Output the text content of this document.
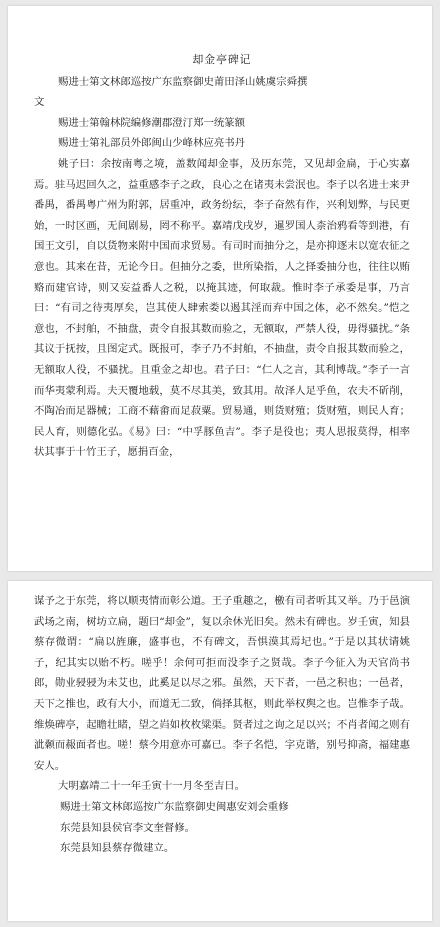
却金亭碑记
赐进士第文林郎巡按广东监察御史莆田泽山姚虞宗舜撰
文
赐进士第翰林院编修潮郡澄汀郑一统篆额
赐进士第礼部员外郎闽山少峰林应亮书丹

姚子曰：余按南粤之境，盖数闻却金事，及历东莞，又见却金扁，于心实嘉焉。驻马迟回久之，益重感李子之政，良心之在诸夷未尝泯也。李子以名进士来尹番禺，番禺粤广州为附郭，居重冲，政务纷纭，李子奋然有作，兴利划弊，与民更始，一时区画，无间剧易，罔不称平。嘉靖戊戌岁，暹罗国人柰治鸦看等到港，有国王文引，自以货物来附中国而求贸易。有司时而抽分之，是亦抑逐末以宽农征之意也。其来在昔，无论今日。但抽分之委，世所染指，人之择委抽分也，往往以贿赂而建官诗，则又妄益番人之税，以掩其迹，何取裁。惟时李子承委是事，乃言曰：“有司之待夷厚矣，岂其使人肆索娄以遏其淫而弃中国之体，必不然矣。”恺之意也，不封舶，不抽盘，责令自报其数而验之，无额取，严禁人役，毋得骚扰。”条其议于抚按，且图定式。既报可，李子乃不封舶，不抽盘，责令自报其数而验之，无额取人役，不骚扰。且重金之却也。君子曰：“仁人之言，其利博哉。”李子一言而华夷蒙利焉。夫天覆地载，莫不尽其美，致其用。故泽人足乎鱼，农夫不斫削，不陶冶而足器械；工商不藉畬而足菽粟。贸易通，则货财殖；货财殖，则民人育；民人育，则德化弘。《易》曰：“中孚豚鱼吉”。李子是役也；夷人思报莫得，相率状其事于十竹王子，愿捐百金，

谋予之于东莞，将以顺夷情而彰公道。王子重趣之，檄有司者听其又举。乃于邑演武场之南，树坊立扁，题曰“却金”，复以余休光旧矣。然未有碑也。岁壬寅，知县蔡存微谓：“扁以旌廉，盛事也，不有碑文，吾惧漠其焉圮也。”于是以其状请姚子，纪其实以贻不朽。嗟乎！余何可拒而没李子之贤哉。李子今征入为天官尚书郎，勋业骎骎为未艾也，此奚足以尽之邪。虽然，天下者，一邑之积也；一邑者，天下之推也，政有大小，而道无二致，倘择其枢，则此举权舆之也。岂惟李子哉。维焕碑亭，起瞻壮睹，望之岿如枚枚粱渠。贤者过之询之足以兴；不肖者闻之则有泚颡而赧面者也。嗟！蔡今用意亦可嘉已。李子名恺，字克谐，别号抑斋，福建惠安人。

大明嘉靖二十一年壬寅十一月冬至吉日。
赐进士第文林郎巡按广东监察御史闽惠安刘会重修
东莞县知县侯官李文奎督修。
东莞县知县蔡存微建立。
